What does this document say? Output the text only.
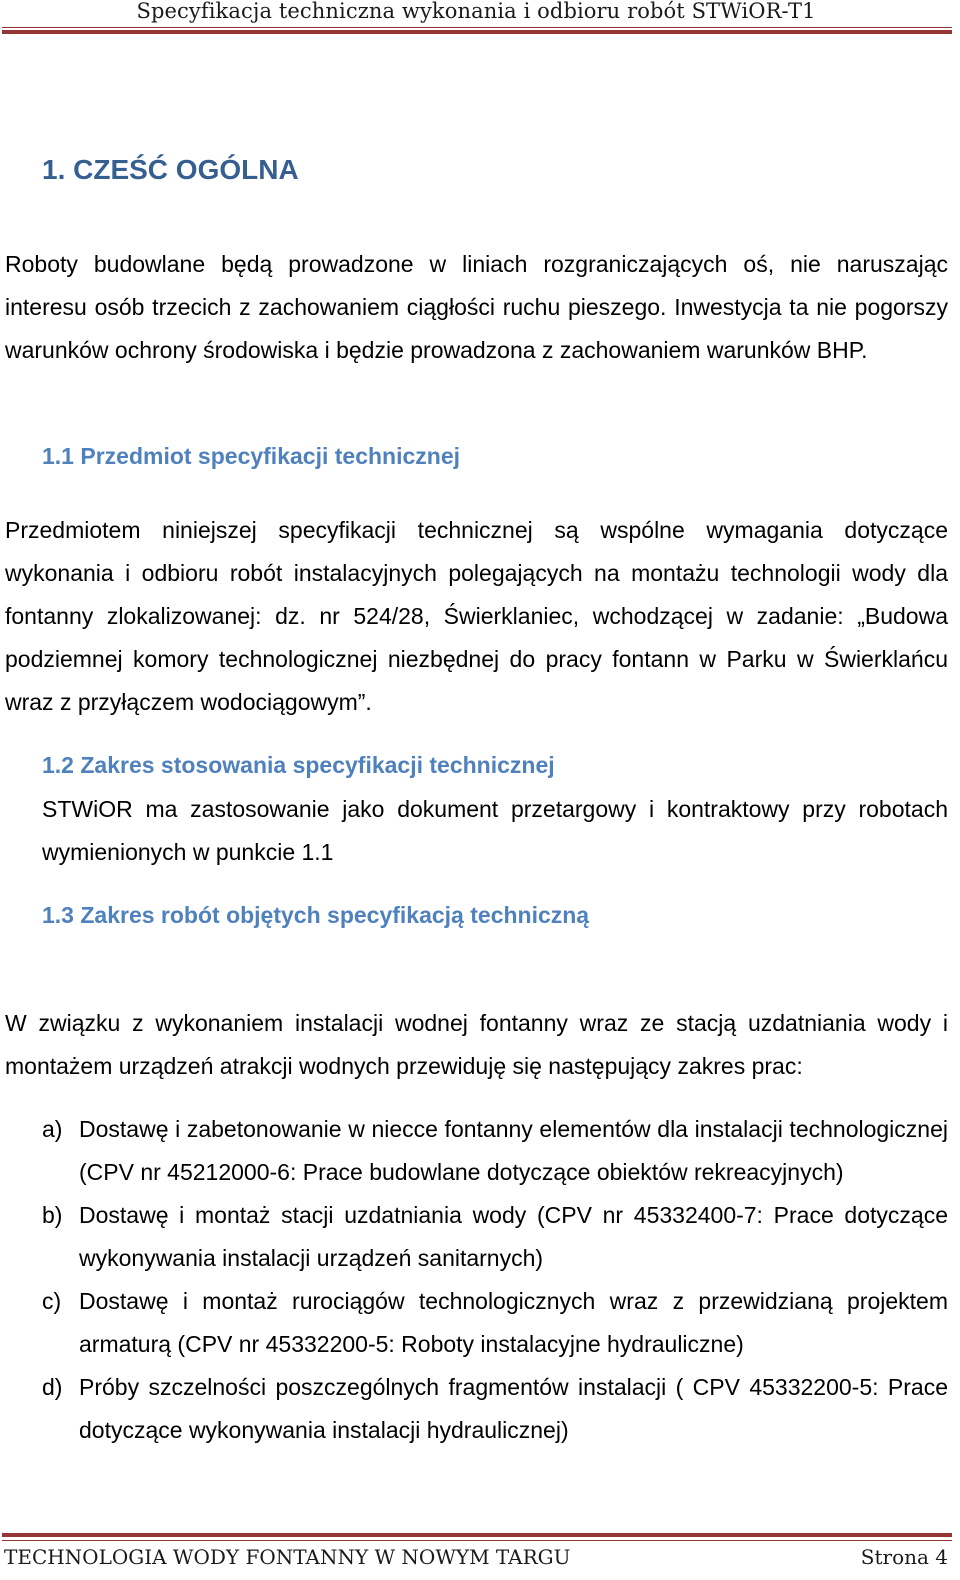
Specyfikacja techniczna wykonania i odbioru robót STWiOR-T1
1. CZEŚĆ OGÓLNA
Roboty budowlane będą prowadzone w liniach rozgraniczających oś, nie naruszając interesu osób trzecich z zachowaniem ciągłości ruchu pieszego. Inwestycja ta nie pogorszy warunków ochrony środowiska i będzie prowadzona z zachowaniem warunków BHP.
1.1 Przedmiot specyfikacji technicznej
Przedmiotem niniejszej specyfikacji technicznej są wspólne wymagania dotyczące wykonania i odbioru robót instalacyjnych polegających na montażu technologii wody dla fontanny zlokalizowanej: dz. nr 524/28, Świerklaniec, wchodzącej w zadanie: „Budowa podziemnej komory technologicznej niezbędnej do pracy fontann w Parku w Świerklańcu wraz z przyłączem wodociągowym”.
1.2 Zakres stosowania specyfikacji technicznej
STWiOR ma zastosowanie jako dokument przetargowy i kontraktowy przy robotach wymienionych w punkcie 1.1
1.3 Zakres robót objętych specyfikacją techniczną
W związku z wykonaniem instalacji wodnej fontanny wraz ze stacją uzdatniania wody i montażem urządzeń atrakcji wodnych przewiduję się następujący zakres prac:
a) Dostawę i zabetonowanie w niecce fontanny elementów dla instalacji technologicznej (CPV nr 45212000-6: Prace budowlane dotyczące obiektów rekreacyjnych)
b) Dostawę i montaż stacji uzdatniania wody (CPV nr 45332400-7: Prace dotyczące wykonywania instalacji urządzeń sanitarnych)
c) Dostawę i montaż rurociągów technologicznych wraz z przewidzianą projektem armaturą (CPV nr 45332200-5: Roboty instalacyjne hydrauliczne)
d) Próby szczelności poszczególnych fragmentów instalacji ( CPV 45332200-5: Prace dotyczące wykonywania instalacji hydraulicznej)
TECHNOLOGIA WODY FONTANNY W NOWYM TARGU	Strona 4
